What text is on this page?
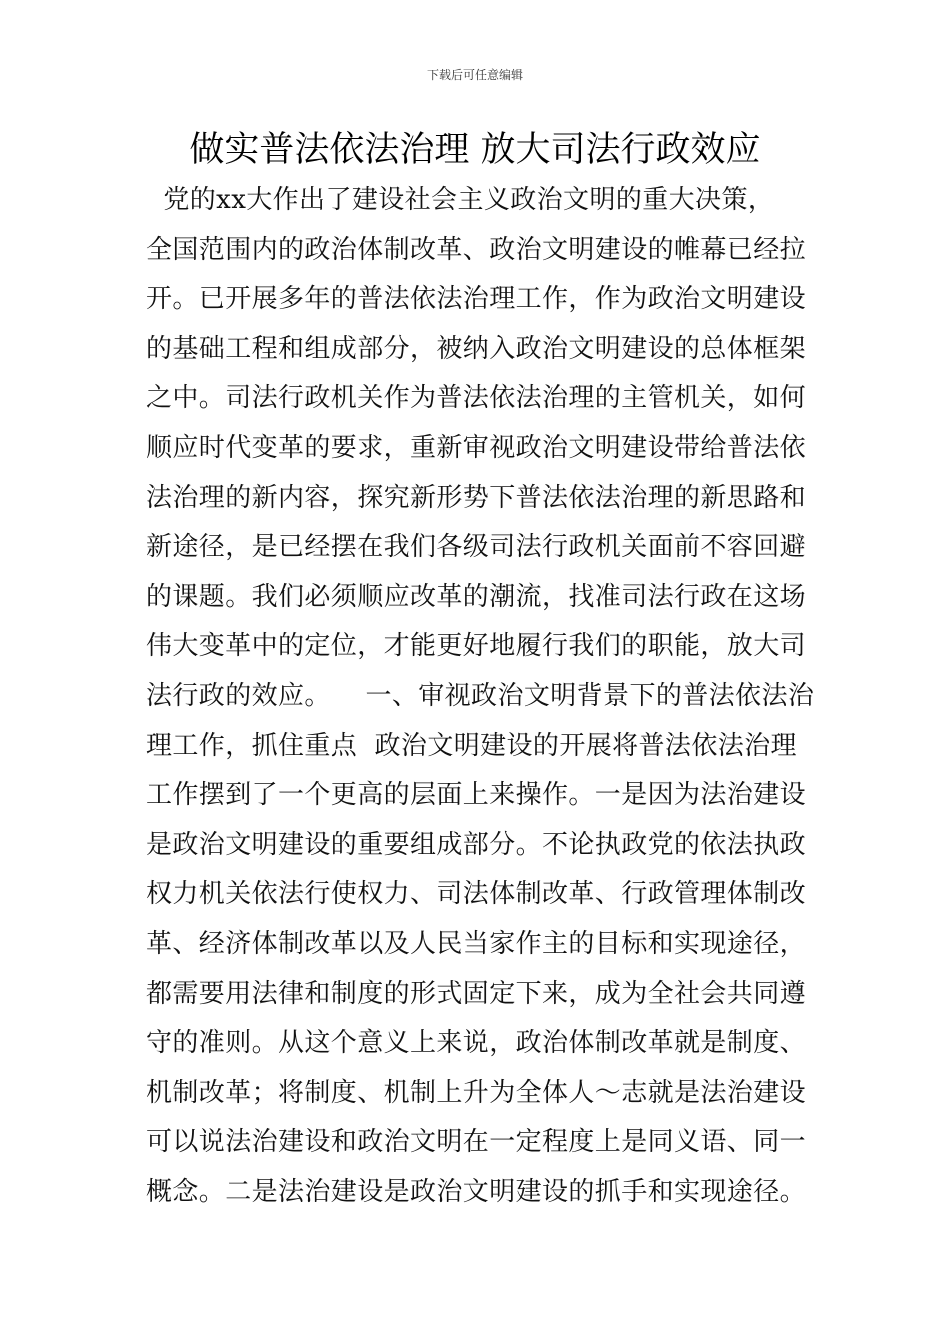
下载后可任意编辑
做实普法依法治理 放大司法行政效应
党的xx大作出了建设社会主义政治文明的重大决策，
全国范围内的政治体制改革、政治文明建设的帷幕已经拉
开。已开展多年的普法依法治理工作，作为政治文明建设
的基础工程和组成部分，被纳入政治文明建设的总体框架
之中。司法行政机关作为普法依法治理的主管机关，如何
顺应时代变革的要求，重新审视政治文明建设带给普法依
法治理的新内容，探究新形势下普法依法治理的新思路和
新途径，是已经摆在我们各级司法行政机关面前不容回避
的课题。我们必须顺应改革的潮流，找准司法行政在这场
伟大变革中的定位，才能更好地履行我们的职能，放大司
法行政的效应。    一、审视政治文明背景下的普法依法治
理工作，抓住重点  政治文明建设的开展将普法依法治理
工作摆到了一个更高的层面上来操作。一是因为法治建设
是政治文明建设的重要组成部分。不论执政党的依法执政
权力机关依法行使权力、司法体制改革、行政管理体制改
革、经济体制改革以及人民当家作主的目标和实现途径，
都需要用法律和制度的形式固定下来，成为全社会共同遵
守的准则。从这个意义上来说，政治体制改革就是制度、
机制改革；将制度、机制上升为全体人～志就是法治建设
可以说法治建设和政治文明在一定程度上是同义语、同一
概念。二是法治建设是政治文明建设的抓手和实现途径。
